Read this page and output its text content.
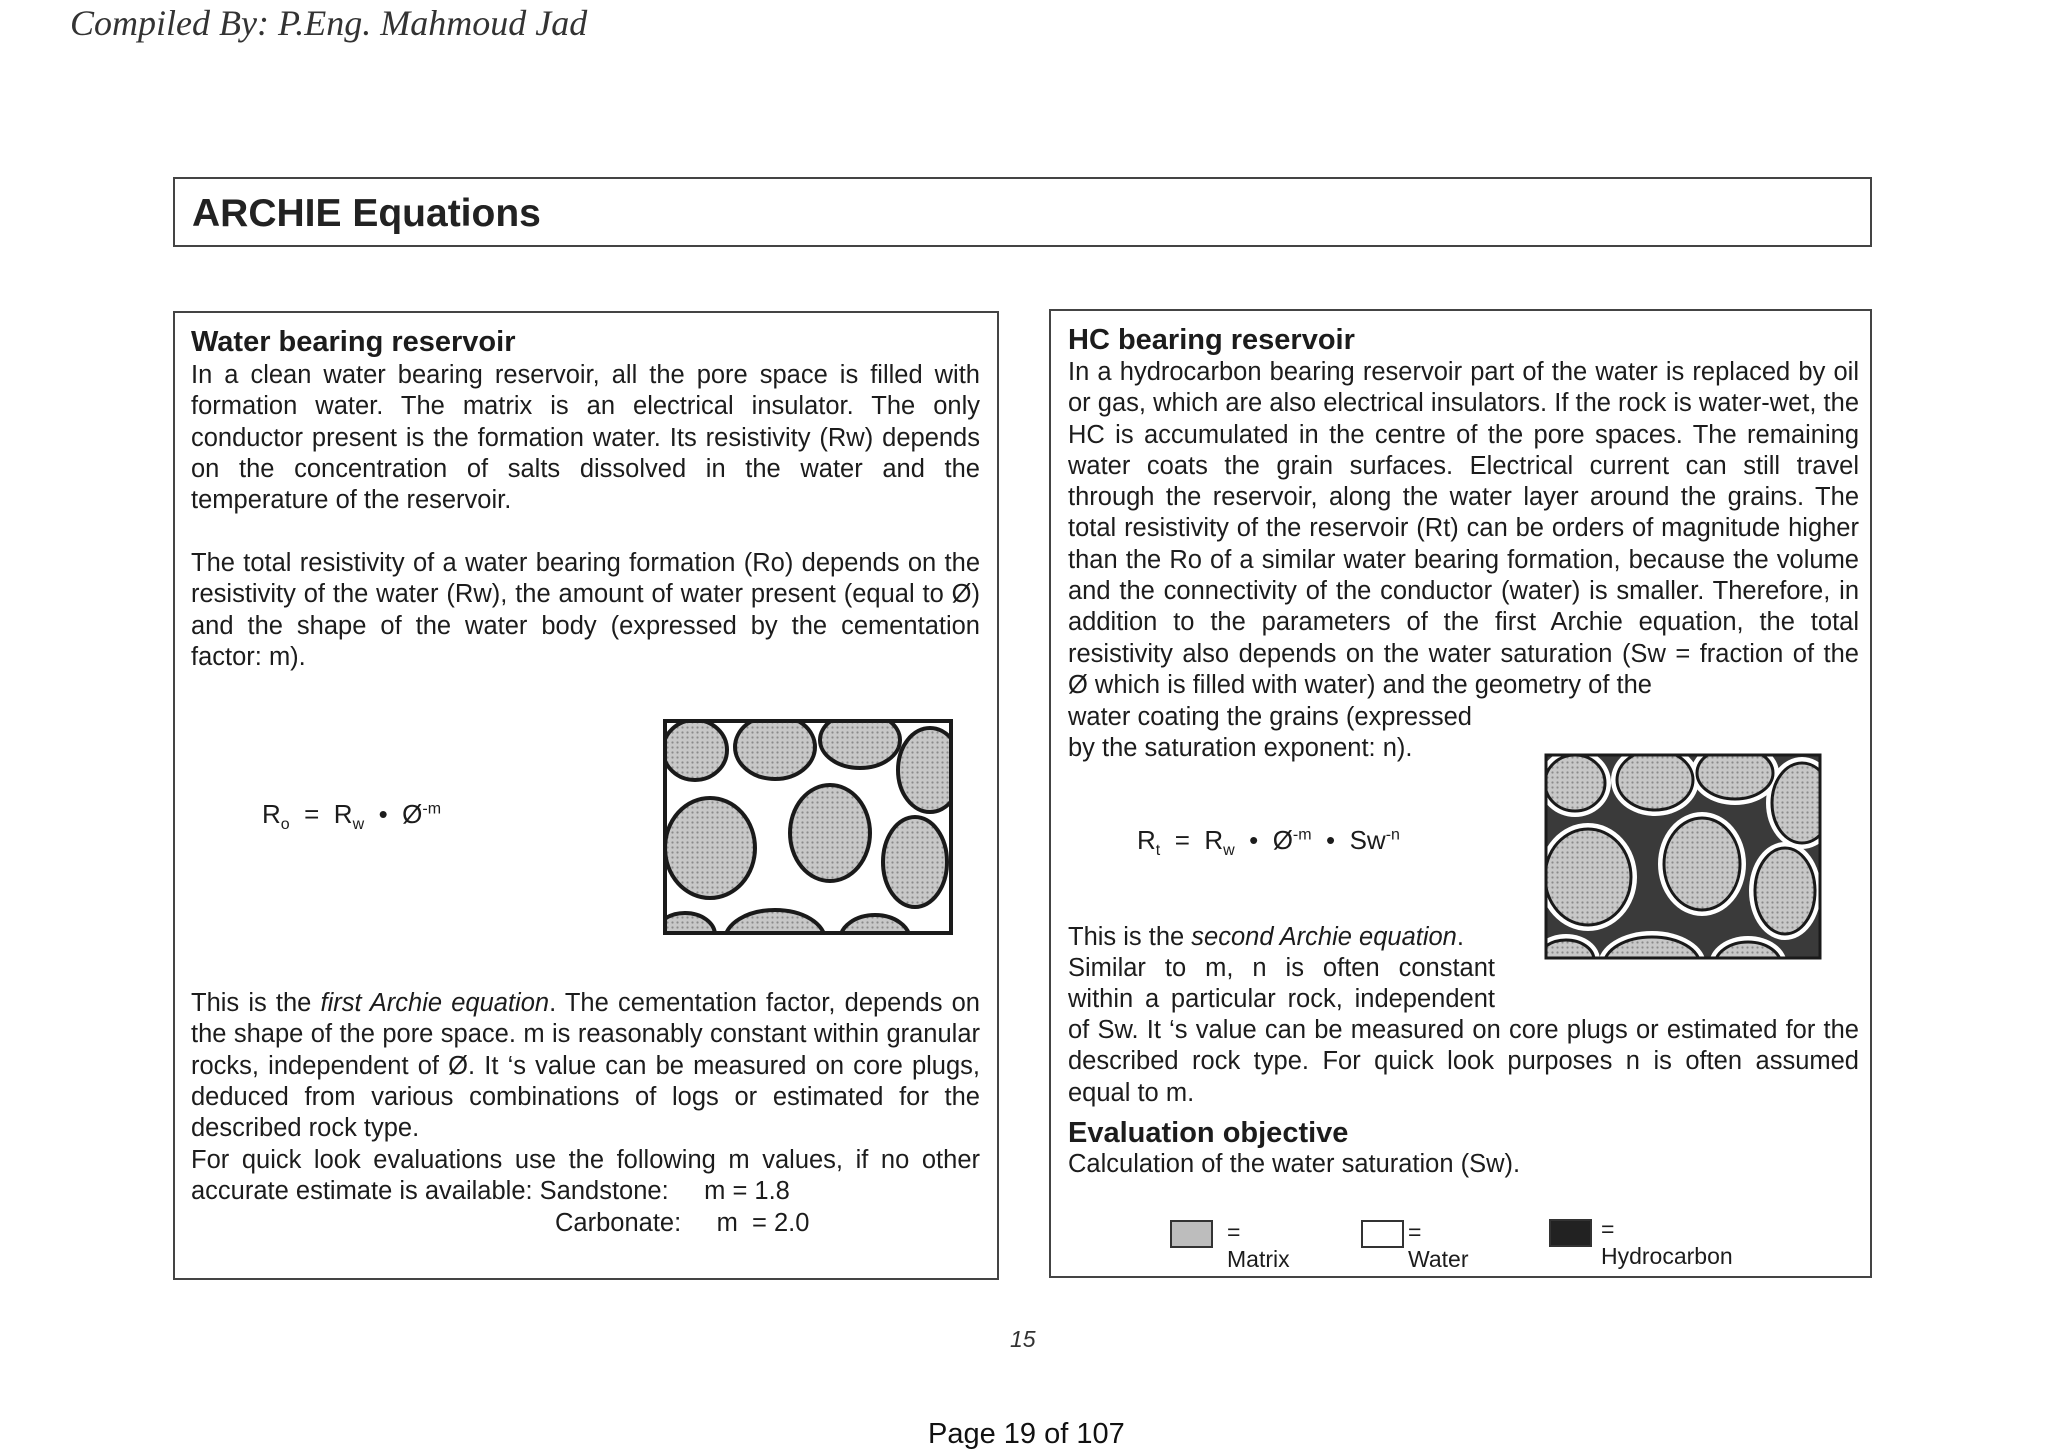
Compiled By: P.Eng. Mahmoud Jad
ARCHIE Equations
Water bearing reservoir
In a clean water bearing reservoir, all the pore space is filled with formation water. The matrix is an electrical insulator. The only conductor present is the formation water. Its resistivity (Rw) depends on the concentration of salts dissolved in the water and the temperature of the reservoir.
The total resistivity of a water bearing formation (Ro) depends on the resistivity of the water (Rw), the amount of water present (equal to Ø) and the shape of the water body (expressed by the cementation factor: m).
$R_o = R_w$ • $Ø^{-m}$
This is the first Archie equation. The cementation factor, depends on the shape of the pore space. m is reasonably constant within granular rocks, independent of Ø. It ‘s value can be measured on core plugs, deduced from various combinations of logs or estimated for the described rock type.
For quick look evaluations use the following m values, if no other
accurate estimate is available: Sandstone:     m = 1.8
Carbonate:     m  = 2.0
HC bearing reservoir
In a hydrocarbon bearing reservoir part of the water is replaced by oil or gas, which are also electrical insulators. If the rock is water-wet, the HC is accumulated in the centre of the pore spaces. The remaining water coats the grain surfaces. Electrical current can still travel through the reservoir, along the water layer around the grains. The total resistivity of the reservoir (Rt) can be orders of magnitude higher than the Ro of a similar water bearing formation, because the volume and the connectivity of the conductor (water) is smaller. Therefore, in addition to the parameters of the first Archie equation, the total resistivity also depends on the water saturation (Sw = fraction of the Ø which is filled with water) and the geometry of the
water coating the grains (expressed
by the saturation exponent: n).
$R_t = R_w$ • $Ø^{-m}$ • $Sw^{-n}$
This is the second Archie equation.
Similar to m, n is often constant
within a particular rock, independent
of Sw. It ‘s value can be measured on core plugs or estimated for the described rock type. For quick look purposes n is often assumed equal to m.
Evaluation objective
Calculation of the water saturation (Sw).
= Matrix
= Water
= Hydrocarbon
15
Page 19 of 107
